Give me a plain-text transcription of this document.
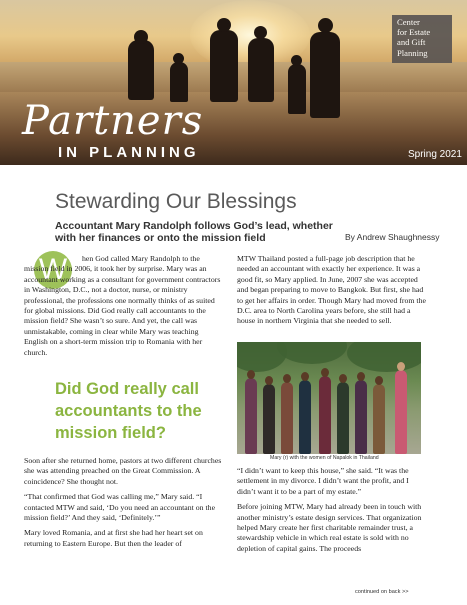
Center
for Estate
and Gift
Planning
Partners
IN PLANNING	Spring 2021
Stewarding Our Blessings
Accountant Mary Randolph follows God’s lead, whether with her finances or onto the mission field	By Andrew Shaughnessy
W	hen God called Mary Randolph to the mission field in 2006, it took her by surprise. Mary was an accountant working as a consultant for government contractors in Washington, D.C., not a doctor, nurse, or ministry professional, the professions one normally thinks of as suited for global missions. Did God really call accountants to the mission field? She wasn’t so sure. And yet, the call was unmistakable, coming in clear while Mary was teaching English on a short-term mission trip to Romania with her church.

Did God really call accountants to the mission field?

Soon after she returned home, pastors at two different churches she was attending preached on the Great Commission. A coincidence? She thought not.

“That confirmed that God was calling me,” Mary said. “I contacted MTW and said, ‘Do you need an accountant on the mission field?’ And they said, ‘Definitely.’”

Mary loved Romania, and at first she had her heart set on returning to Eastern Europe. But then the leader of

MTW Thailand posted a full-page job description that he needed an accountant with exactly her experience. It was a good fit, so Mary applied. In June, 2007 she was accepted and began preparing to move to Bangkok. But first, she had to get her affairs in order. Though Mary had moved from the D.C. area to North Carolina years before, she still had a house in northern Virginia that she needed to sell.

Mary (r) with the women of Napalok in Thailand

“I didn’t want to keep this house,” she said. “It was the settlement in my divorce. I didn’t want the profit, and I didn’t want it to be a part of my estate.”

Before joining MTW, Mary had already been in touch with another ministry’s estate design services. That organization helped Mary create her first charitable remainder trust, a stewardship vehicle in which real estate is sold with no depletion of capital gains. The proceeds

continued on back >>
